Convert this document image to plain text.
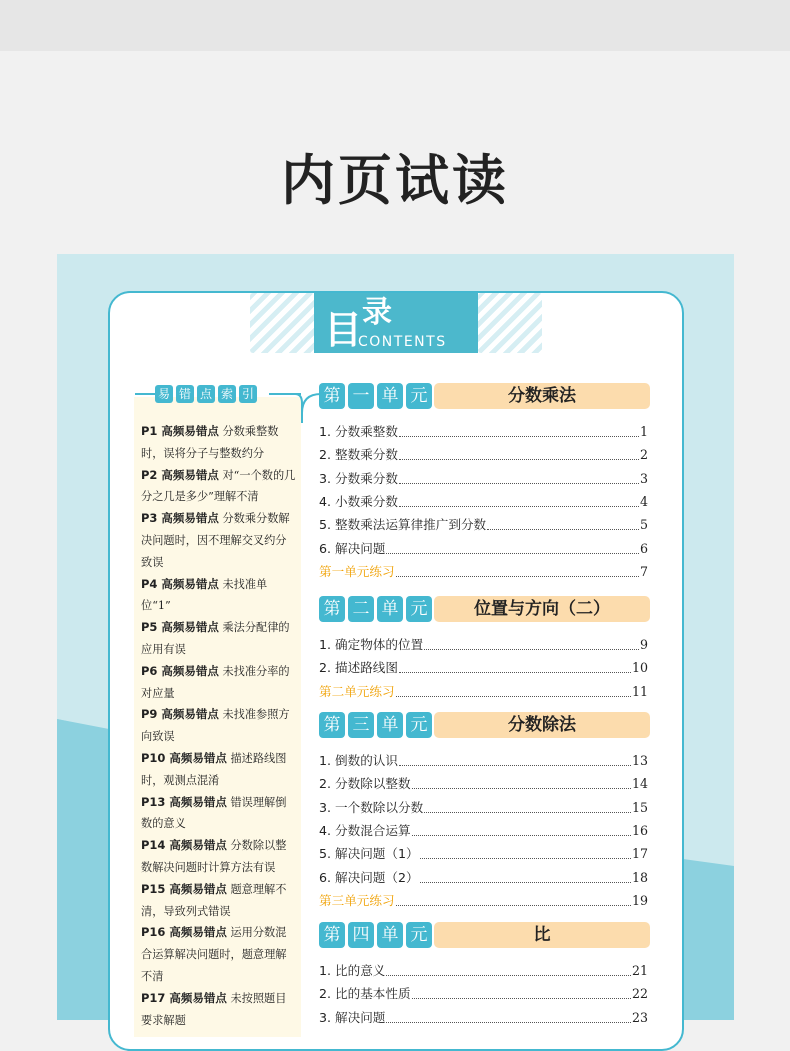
内页试读
目 录
CONTENTS
易 错 点 索 引
P1 高频易错点 分数乘整数时，误将分子与整数约分
P2 高频易错点 对“一个数的几分之几是多少”理解不清
P3 高频易错点 分数乘分数解决问题时，因不理解交叉约分致误
P4 高频易错点 未找准单位“1”
P5 高频易错点 乘法分配律的应用有误
P6 高频易错点 未找准分率的对应量
P9 高频易错点 未找准参照方向致误
P10 高频易错点 描述路线图时，观测点混淆
P13 高频易错点 错误理解倒数的意义
P14 高频易错点 分数除以整数解决问题时计算方法有误
P15 高频易错点 题意理解不清，导致列式错误
P16 高频易错点 运用分数混合运算解决问题时，题意理解不清
P17 高频易错点 未按照题目要求解题
第 一 单 元	分数乘法
1. 分数乘整数	1
2. 整数乘分数	2
3. 分数乘分数	3
4. 小数乘分数	4
5. 整数乘法运算律推广到分数	5
6. 解决问题	6
第一单元练习	7
第 二 单 元	位置与方向（二）
1. 确定物体的位置	9
2. 描述路线图	10
第二单元练习	11
第 三 单 元	分数除法
1. 倒数的认识	13
2. 分数除以整数	14
3. 一个数除以分数	15
4. 分数混合运算	16
5. 解决问题（1）	17
6. 解决问题（2）	18
第三单元练习	19
第 四 单 元	比
1. 比的意义	21
2. 比的基本性质	22
3. 解决问题	23
